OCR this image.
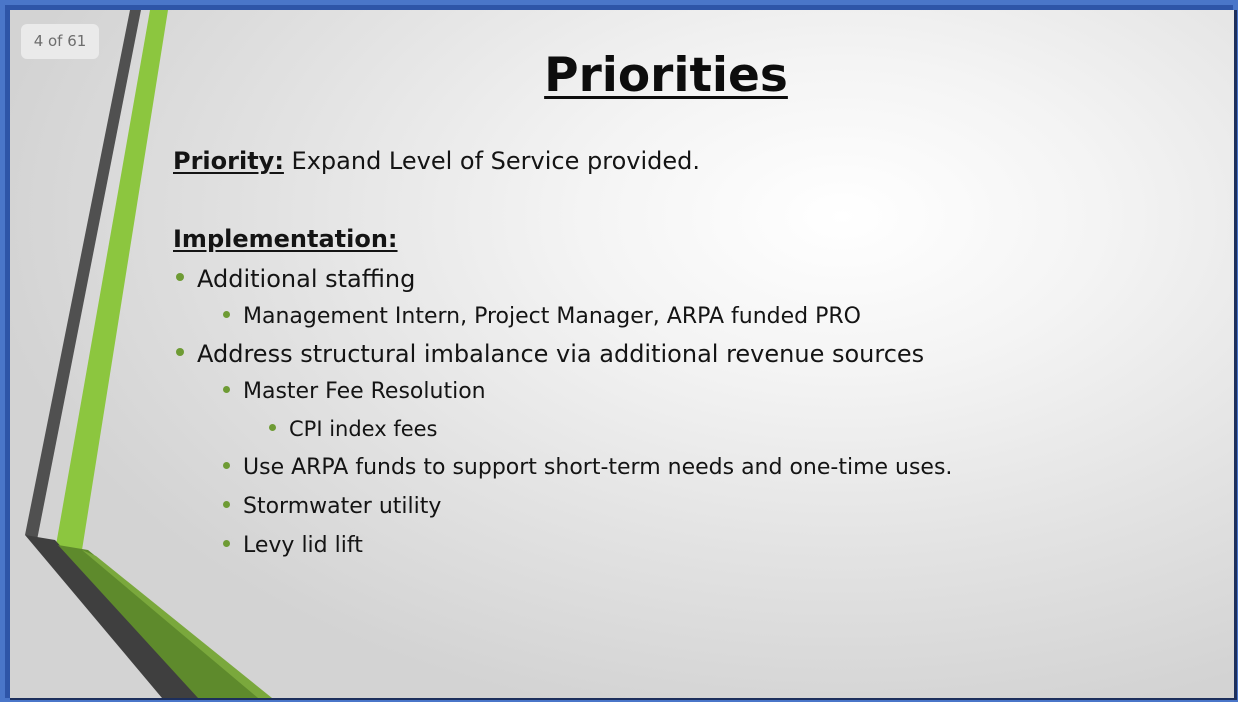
4 of 61
Priorities
Priority: Expand Level of Service provided.
Implementation:
Additional staffing
Management Intern, Project Manager, ARPA funded PRO
Address structural imbalance via additional revenue sources
Master Fee Resolution
CPI index fees
Use ARPA funds to support short-term needs and one-time uses.
Stormwater utility
Levy lid lift
